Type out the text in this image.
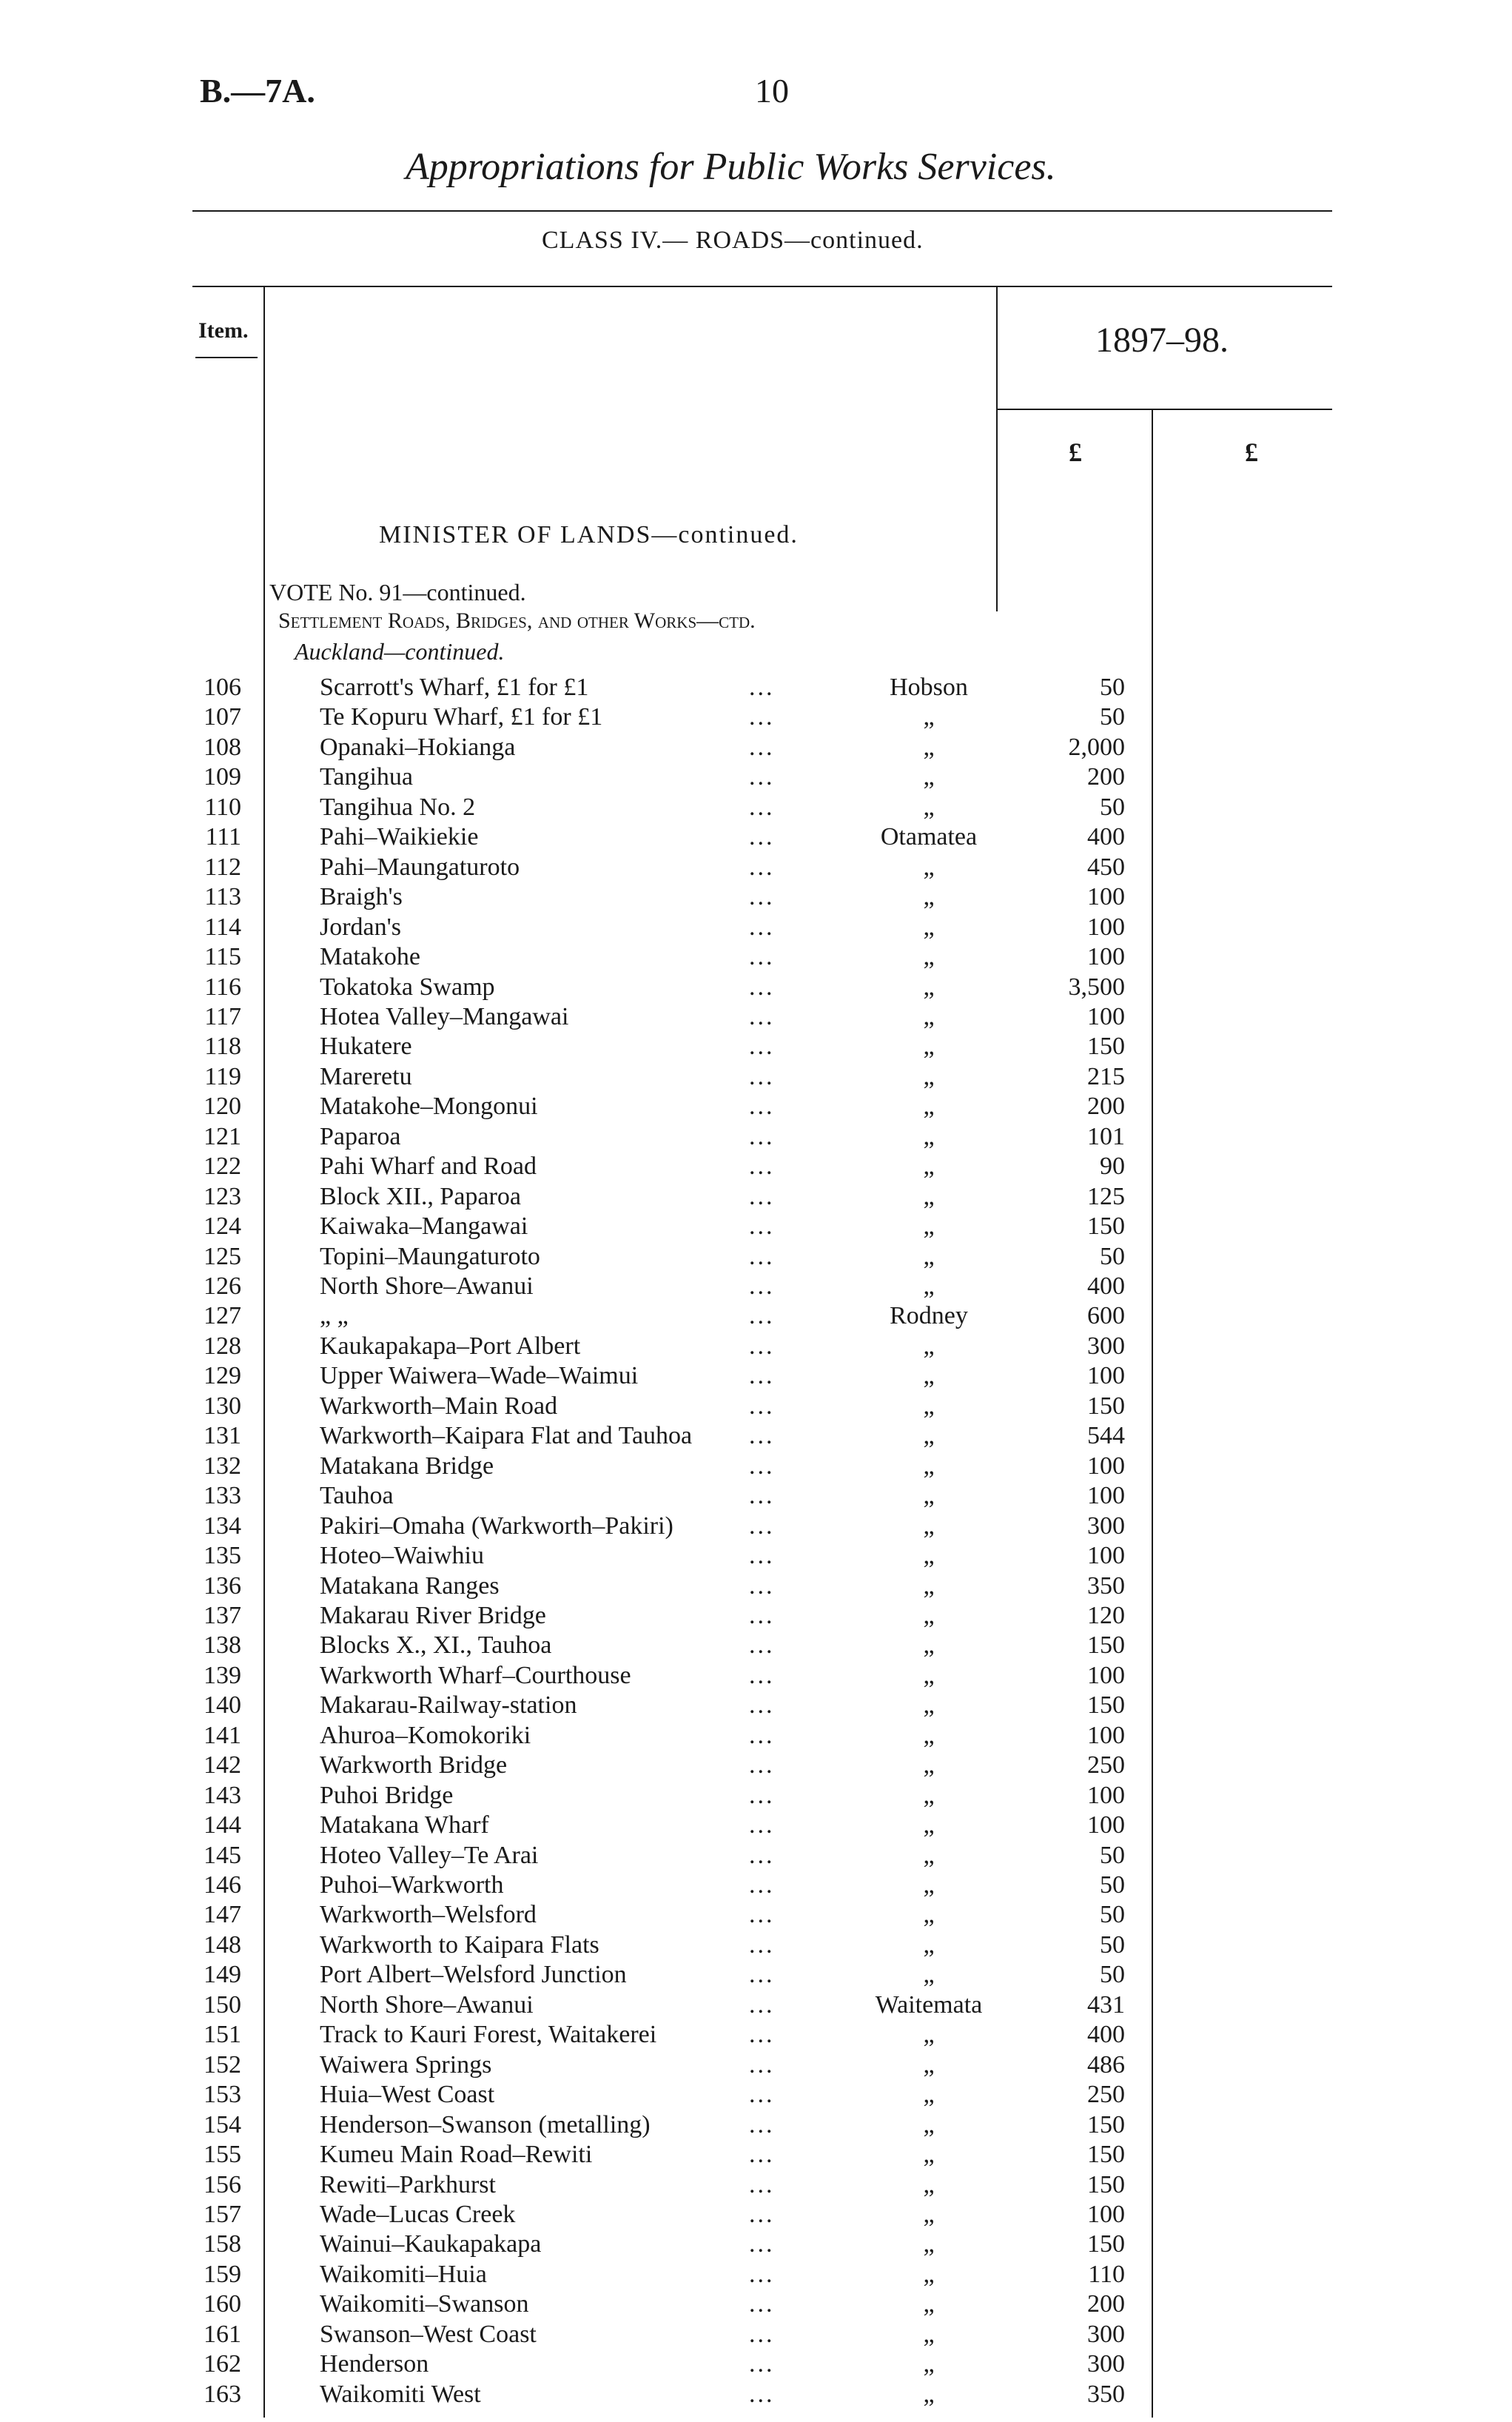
B.—7A.	10
Appropriations for Public Works Services.
CLASS IV.— ROADS—continued.
Item.	1897–98.
£	£
MINISTER OF LANDS—continued.
VOTE No. 91—continued.
Settlement Roads, Bridges, and other Works—ctd.
Auckland—continued.
106	Scarrott's Wharf, £1 for £1	...	Hobson	50
107	Te Kopuru Wharf, £1 for £1	...	„	50
108	Opanaki–Hokianga	...	„	2,000
109	Tangihua	...	„	200
110	Tangihua No. 2	...	„	50
111	Pahi–Waikiekie	...	Otamatea	400
112	Pahi–Maungaturoto	...	„	450
113	Braigh's	...	„	100
114	Jordan's	...	„	100
115	Matakohe	...	„	100
116	Tokatoka Swamp	...	„	3,500
117	Hotea Valley–Mangawai	...	„	100
118	Hukatere	...	„	150
119	Mareretu	...	„	215
120	Matakohe–Mongonui	...	„	200
121	Paparoa	...	„	101
122	Pahi Wharf and Road	...	„	90
123	Block XII., Paparoa	...	„	125
124	Kaiwaka–Mangawai	...	„	150
125	Topini–Maungaturoto	...	„	50
126	North Shore–Awanui	...	„	400
127	„ „	...	Rodney	600
128	Kaukapakapa–Port Albert	...	„	300
129	Upper Waiwera–Wade–Waimui	...	„	100
130	Warkworth–Main Road	...	„	150
131	Warkworth–Kaipara Flat and Tauhoa ...	„	544
132	Matakana Bridge	...	„	100
133	Tauhoa	...	„	100
134	Pakiri–Omaha (Warkworth–Pakiri)	...	„	300
135	Hoteo–Waiwhiu	...	„	100
136	Matakana Ranges	...	„	350
137	Makarau River Bridge	...	„	120
138	Blocks X., XI., Tauhoa	...	„	150
139	Warkworth Wharf–Courthouse	...	„	100
140	Makarau-Railway-station	...	„	150
141	Ahuroa–Komokoriki	...	„	100
142	Warkworth Bridge	...	„	250
143	Puhoi Bridge	...	„	100
144	Matakana Wharf	...	„	100
145	Hoteo Valley–Te Arai	...	„	50
146	Puhoi–Warkworth	...	„	50
147	Warkworth–Welsford	...	„	50
148	Warkworth to Kaipara Flats	...	„	50
149	Port Albert–Welsford Junction	...	„	50
150	North Shore–Awanui	...	Waitemata	431
151	Track to Kauri Forest, Waitakerei	...	„	400
152	Waiwera Springs	...	„	486
153	Huia–West Coast	...	„	250
154	Henderson–Swanson (metalling)	...	„	150
155	Kumeu Main Road–Rewiti	...	„	150
156	Rewiti–Parkhurst	...	„	150
157	Wade–Lucas Creek	...	„	100
158	Wainui–Kaukapakapa	...	„	150
159	Waikomiti–Huia	...	„	110
160	Waikomiti–Swanson	...	„	200
161	Swanson–West Coast	...	„	300
162	Henderson	...	„	300
163	Waikomiti West	...	„	350
